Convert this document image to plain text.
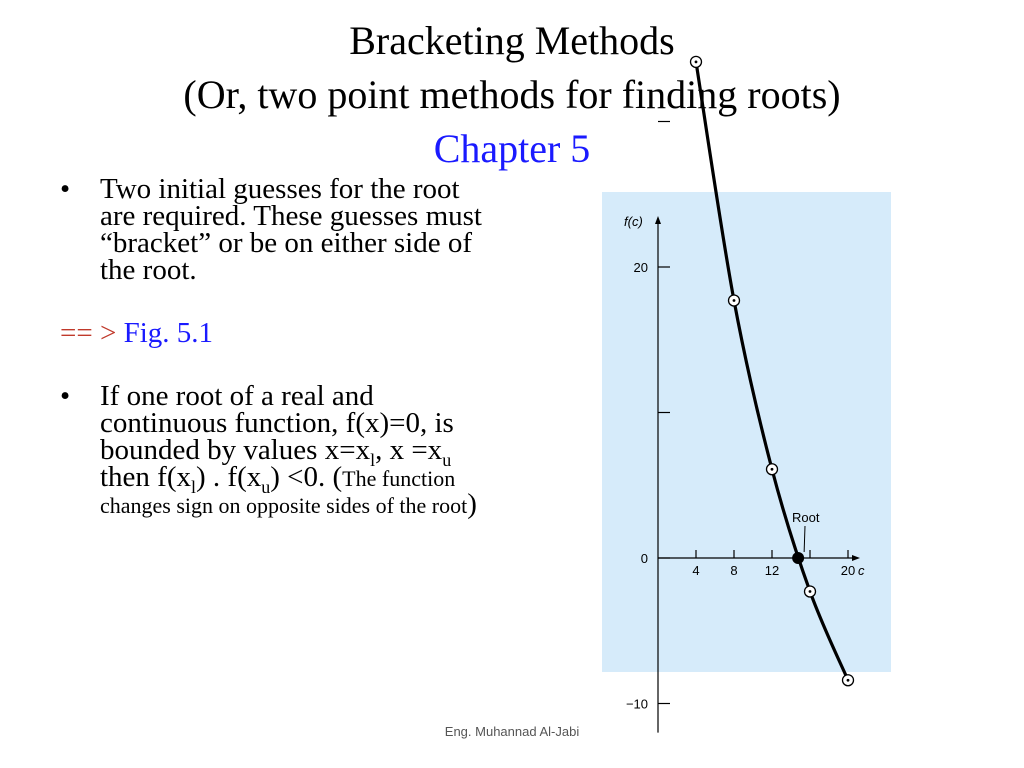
Bracketing Methods
(Or, two point methods for finding roots)
Chapter 5
• Two initial guesses for the root are required. These guesses must “bracket” or be on either side of the root.
== > Fig. 5.1
• If one root of a real and continuous function, f(x)=0, is bounded by values $x=x_l$, $x =x_u$ then $f(x_l)$ . $f(x_u) <0$. (The function changes sign on opposite sides of the root)
f(c)
c
−10
0
20
4 8 12	20
Root
Eng. Muhannad Al-Jabi
